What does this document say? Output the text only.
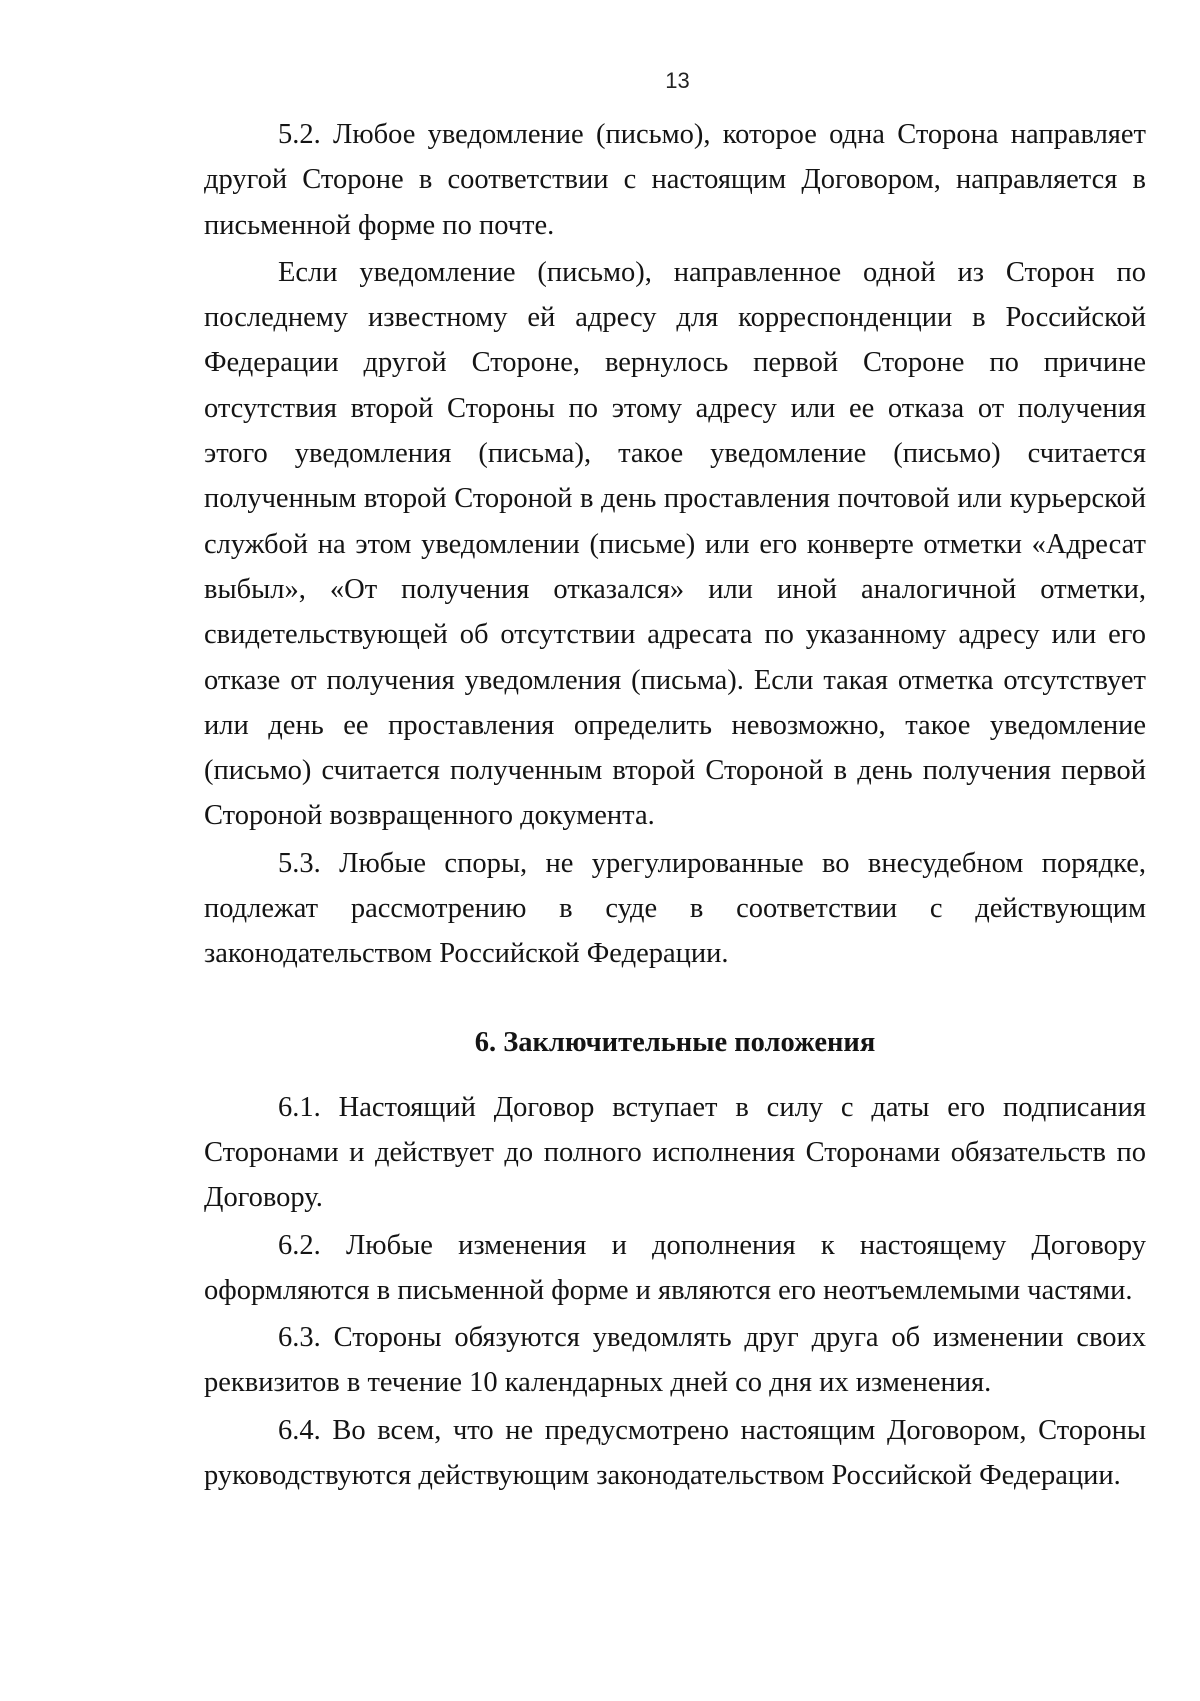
13

5.2. Любое уведомление (письмо), которое одна Сторона направляет другой Стороне в соответствии с настоящим Договором, направляется в письменной форме по почте.

Если уведомление (письмо), направленное одной из Сторон по последнему известному ей адресу для корреспонденции в Российской Федерации другой Стороне, вернулось первой Стороне по причине отсутствия второй Стороны по этому адресу или ее отказа от получения этого уведомления (письма), такое уведомление (письмо) считается полученным второй Стороной в день проставления почтовой или курьерской службой на этом уведомлении (письме) или его конверте отметки «Адресат выбыл», «От получения отказался» или иной аналогичной отметки, свидетельствующей об отсутствии адресата по указанному адресу или его отказе от получения уведомления (письма). Если такая отметка отсутствует или день ее проставления определить невозможно, такое уведомление (письмо) считается полученным второй Стороной в день получения первой Стороной возвращенного документа.

5.3. Любые споры, не урегулированные во внесудебном порядке, подлежат рассмотрению в суде в соответствии с действующим законодательством Российской Федерации.

6. Заключительные положения

6.1. Настоящий Договор вступает в силу с даты его подписания Сторонами и действует до полного исполнения Сторонами обязательств по Договору.

6.2. Любые изменения и дополнения к настоящему Договору оформляются в письменной форме и являются его неотъемлемыми частями.

6.3. Стороны обязуются уведомлять друг друга об изменении своих реквизитов в течение 10 календарных дней со дня их изменения.

6.4. Во всем, что не предусмотрено настоящим Договором, Стороны руководствуются действующим законодательством Российской Федерации.
